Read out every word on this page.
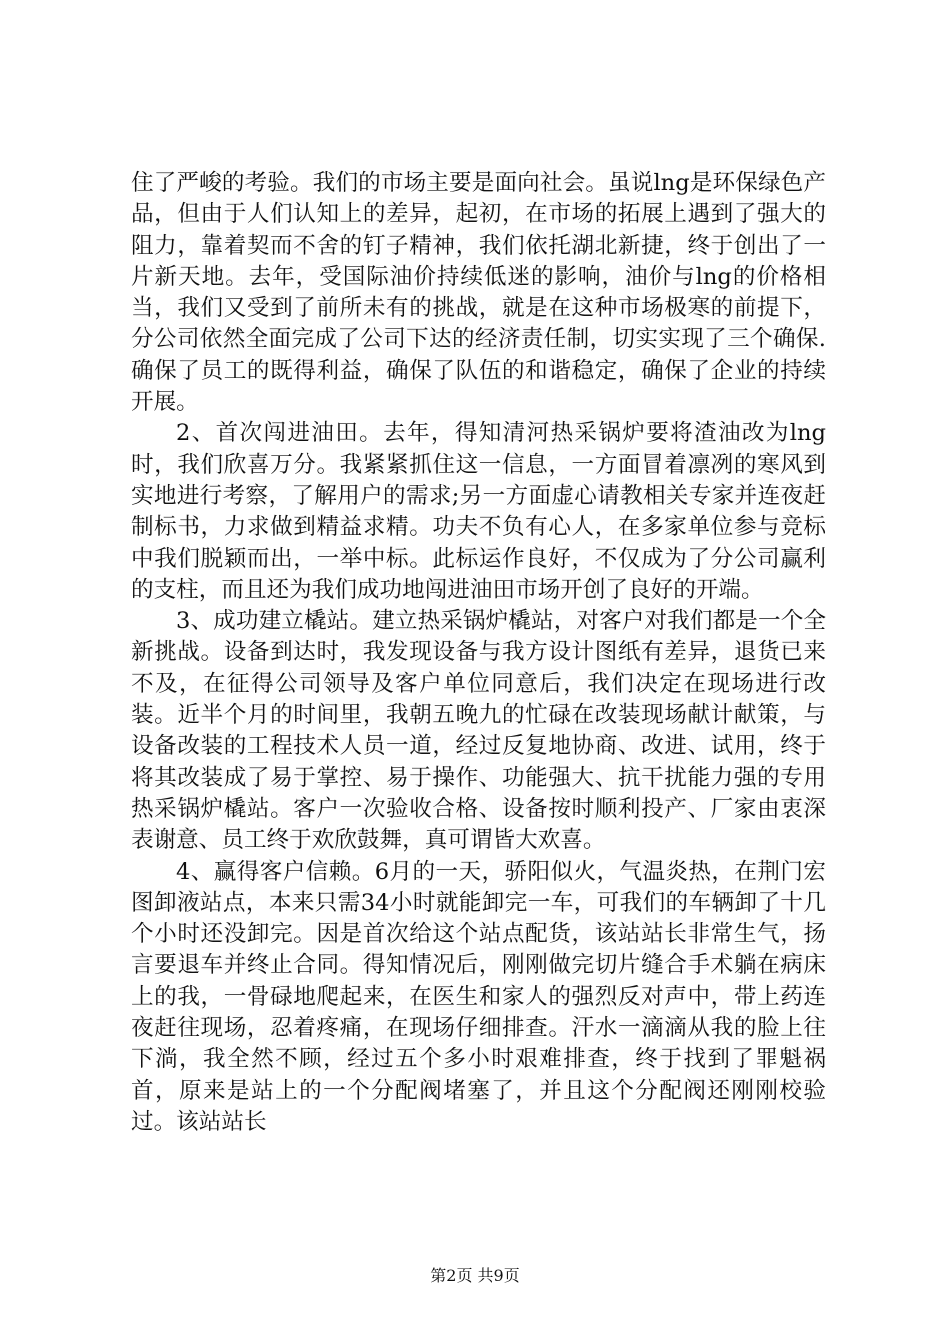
住了严峻的考验。我们的市场主要是面向社会。虽说lng是环保绿色产品，但由于人们认知上的差异，起初，在市场的拓展上遇到了强大的阻力，靠着契而不舍的钉子精神，我们依托湖北新捷，终于创出了一片新天地。去年，受国际油价持续低迷的影响，油价与lng的价格相当，我们又受到了前所未有的挑战，就是在这种市场极寒的前提下，分公司依然全面完成了公司下达的经济责任制，切实实现了三个确保.确保了员工的既得利益，确保了队伍的和谐稳定，确保了企业的持续开展。

2、首次闯进油田。去年，得知清河热采锅炉要将渣油改为lng时，我们欣喜万分。我紧紧抓住这一信息，一方面冒着凛冽的寒风到实地进行考察，了解用户的需求;另一方面虚心请教相关专家并连夜赶制标书，力求做到精益求精。功夫不负有心人，在多家单位参与竞标中我们脱颖而出，一举中标。此标运作良好，不仅成为了分公司赢利的支柱，而且还为我们成功地闯进油田市场开创了良好的开端。

3、成功建立橇站。建立热采锅炉橇站，对客户对我们都是一个全新挑战。设备到达时，我发现设备与我方设计图纸有差异，退货已来不及，在征得公司领导及客户单位同意后，我们决定在现场进行改装。近半个月的时间里，我朝五晚九的忙碌在改装现场献计献策，与设备改装的工程技术人员一道，经过反复地协商、改进、试用，终于将其改装成了易于掌控、易于操作、功能强大、抗干扰能力强的专用热采锅炉橇站。客户一次验收合格、设备按时顺利投产、厂家由衷深表谢意、员工终于欢欣鼓舞，真可谓皆大欢喜。

4、赢得客户信赖。6月的一天，骄阳似火，气温炎热，在荆门宏图卸液站点，本来只需34小时就能卸完一车，可我们的车辆卸了十几个小时还没卸完。因是首次给这个站点配货，该站站长非常生气，扬言要退车并终止合同。得知情况后，刚刚做完切片缝合手术躺在病床上的我，一骨碌地爬起来，在医生和家人的强烈反对声中，带上药连夜赶往现场，忍着疼痛，在现场仔细排查。汗水一滴滴从我的脸上往下淌，我全然不顾，经过五个多小时艰难排查，终于找到了罪魁祸首，原来是站上的一个分配阀堵塞了，并且这个分配阀还刚刚校验过。该站站长

第2页 共9页
